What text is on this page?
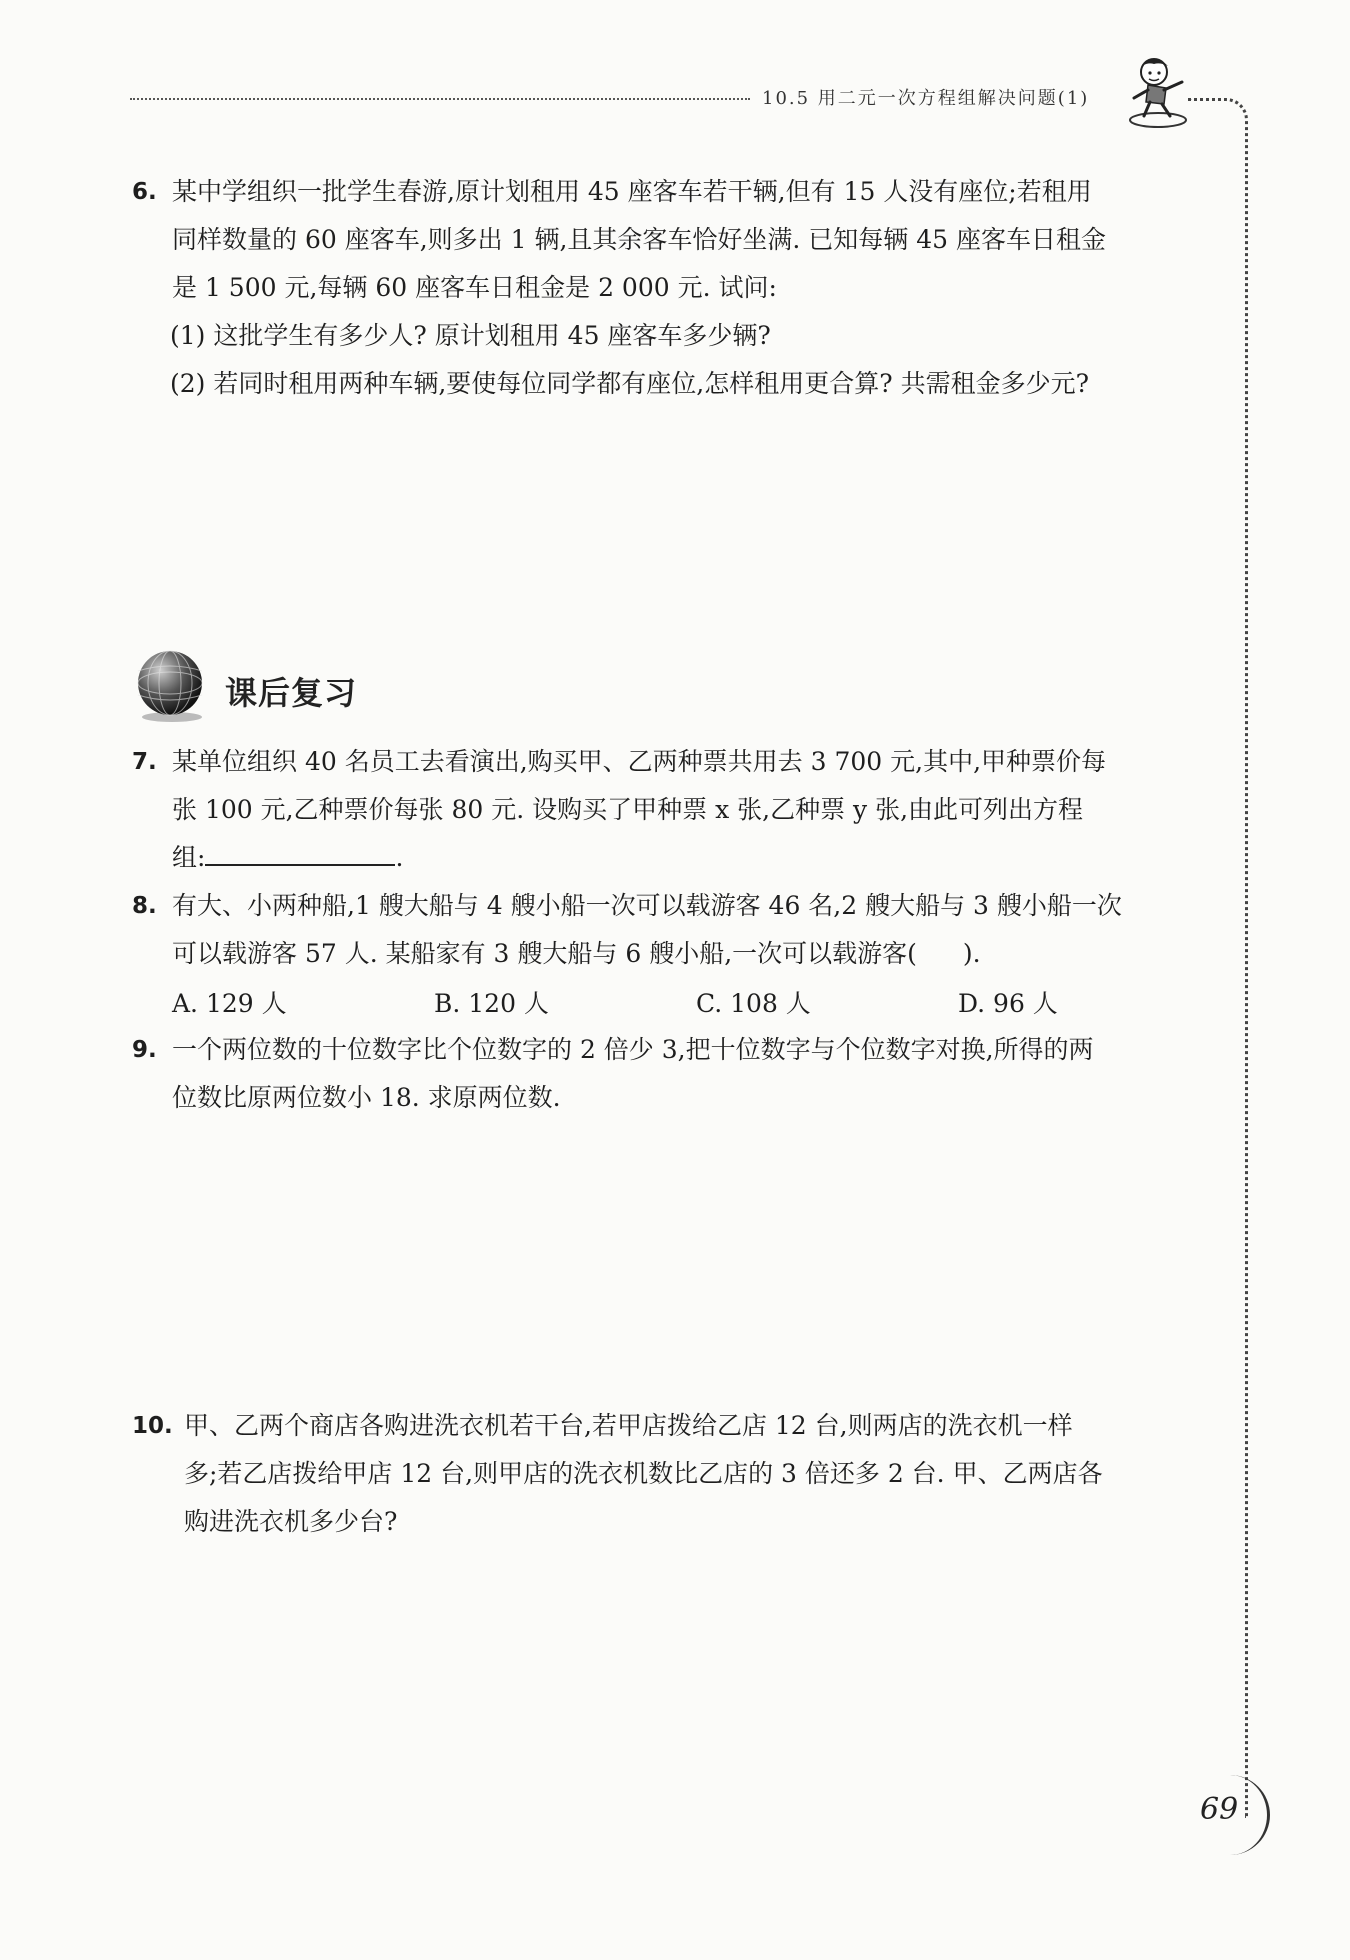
10.5 用二元一次方程组解决问题(1)
6. 某中学组织一批学生春游,原计划租用 45 座客车若干辆,但有 15 人没有座位;若租用
同样数量的 60 座客车,则多出 1 辆,且其余客车恰好坐满. 已知每辆 45 座客车日租金
是 1 500 元,每辆 60 座客车日租金是 2 000 元. 试问:
(1) 这批学生有多少人? 原计划租用 45 座客车多少辆?
(2) 若同时租用两种车辆,要使每位同学都有座位,怎样租用更合算? 共需租金多少元?
课后复习
7. 某单位组织 40 名员工去看演出,购买甲、乙两种票共用去 3 700 元,其中,甲种票价每
张 100 元,乙种票价每张 80 元. 设购买了甲种票 x 张,乙种票 y 张,由此可列出方程
组:	.
8. 有大、小两种船,1 艘大船与 4 艘小船一次可以载游客 46 名,2 艘大船与 3 艘小船一次
可以载游客 57 人. 某船家有 3 艘大船与 6 艘小船,一次可以载游客( ).
A. 129 人	B. 120 人	C. 108 人	D. 96 人
9. 一个两位数的十位数字比个位数字的 2 倍少 3,把十位数字与个位数字对换,所得的两
位数比原两位数小 18. 求原两位数.
10. 甲、乙两个商店各购进洗衣机若干台,若甲店拨给乙店 12 台,则两店的洗衣机一样
多;若乙店拨给甲店 12 台,则甲店的洗衣机数比乙店的 3 倍还多 2 台. 甲、乙两店各
购进洗衣机多少台?
69
